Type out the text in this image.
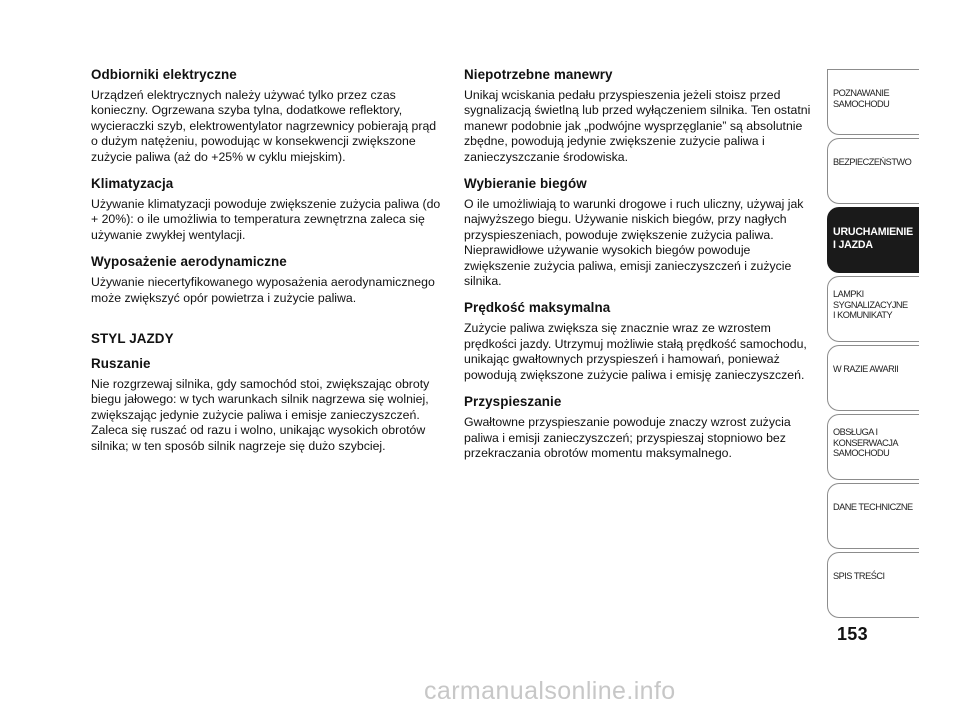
Odbiorniki elektryczne

Urządzeń elektrycznych należy używać tylko przez czas konieczny. Ogrzewana szyba tylna, dodatkowe reflektory, wycieraczki szyb, elektrowentylator nagrzewnicy pobierają prąd o dużym natężeniu, powodując w konsekwencji zwiększone zużycie paliwa (aż do +25% w cyklu miejskim).

Klimatyzacja

Używanie klimatyzacji powoduje zwiększenie zużycia paliwa (do + 20%): o ile umożliwia to temperatura zewnętrzna zaleca się używanie zwykłej wentylacji.

Wyposażenie aerodynamiczne

Używanie niecertyfikowanego wyposażenia aerodynamicznego może zwiększyć opór powietrza i zużycie paliwa.

STYL JAZDY
Ruszanie

Nie rozgrzewaj silnika, gdy samochód stoi, zwiększając obroty biegu jałowego: w tych warunkach silnik nagrzewa się wolniej, zwiększając jedynie zużycie paliwa i emisje zanieczyszczeń. Zaleca się ruszać od razu i wolno, unikając wysokich obrotów silnika; w ten sposób silnik nagrzeje się dużo szybciej.

Niepotrzebne manewry

Unikaj wciskania pedału przyspieszenia jeżeli stoisz przed sygnalizacją świetlną lub przed wyłączeniem silnika. Ten ostatni manewr podobnie jak „podwójne wysprzęglanie” są absolutnie zbędne, powodują jedynie zwiększenie zużycie paliwa i zanieczyszczanie środowiska.

Wybieranie biegów

O ile umożliwiają to warunki drogowe i ruch uliczny, używaj jak najwyższego biegu. Używanie niskich biegów, przy nagłych przyspieszeniach, powoduje zwiększenie zużycia paliwa. Nieprawidłowe używanie wysokich biegów powoduje zwiększenie zużycia paliwa, emisji zanieczyszczeń i zużycie silnika.

Prędkość maksymalna

Zużycie paliwa zwiększa się znacznie wraz ze wzrostem prędkości jazdy. Utrzymuj możliwie stałą prędkość samochodu, unikając gwałtownych przyspieszeń i hamowań, ponieważ powodują zwiększone zużycie paliwa i emisję zanieczyszczeń.

Przyspieszanie

Gwałtowne przyspieszanie powoduje znaczy wzrost zużycia paliwa i emisji zanieczyszczeń; przyspieszaj stopniowo bez przekraczania obrotów momentu maksymalnego.

POZNAWANIE
SAMOCHODU
BEZPIECZEŃSTWO
URUCHAMIENIE
I JAZDA
LAMPKI
SYGNALIZACYJNE
I KOMUNIKATY
W RAZIE AWARII
OBSŁUGA I
KONSERWACJA
SAMOCHODU
DANE TECHNICZNE
SPIS TREŚCI
153
carmanualsonline.info
